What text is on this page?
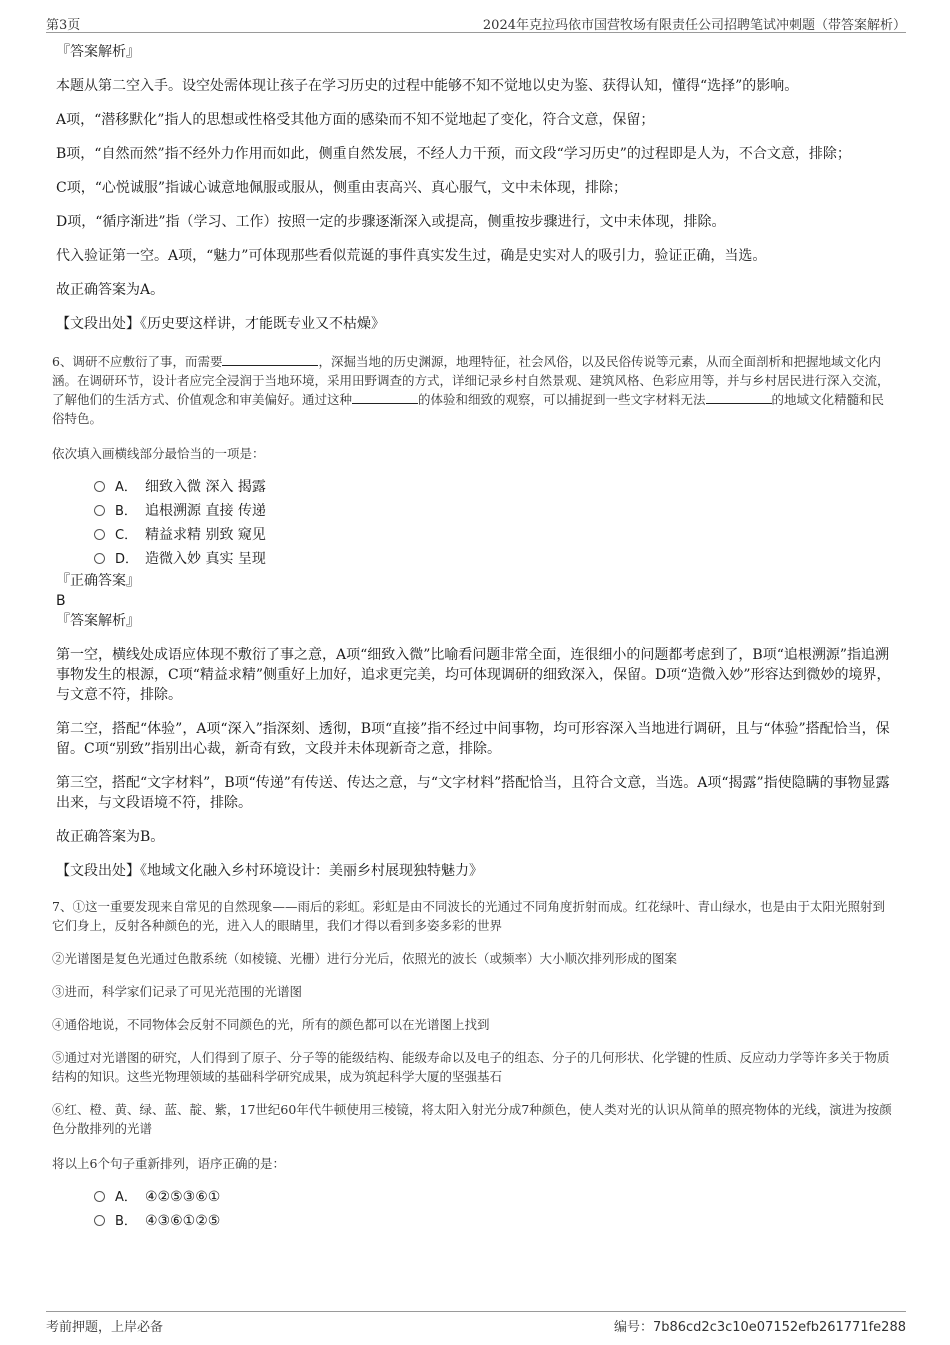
第3页	2024年克拉玛依市国营牧场有限责任公司招聘笔试冲刺题（带答案解析）
『答案解析』
本题从第二空入手。设空处需体现让孩子在学习历史的过程中能够不知不觉地以史为鉴、获得认知，懂得“选择”的影响。
A项，“潜移默化”指人的思想或性格受其他方面的感染而不知不觉地起了变化，符合文意，保留；
B项，“自然而然”指不经外力作用而如此，侧重自然发展，不经人力干预，而文段“学习历史”的过程即是人为，不合文意，排除；
C项，“心悦诚服”指诚心诚意地佩服或服从，侧重由衷高兴、真心服气，文中未体现，排除；
D项，“循序渐进”指（学习、工作）按照一定的步骤逐渐深入或提高，侧重按步骤进行，文中未体现，排除。
代入验证第一空。A项，“魅力”可体现那些看似荒诞的事件真实发生过，确是史实对人的吸引力，验证正确，当选。
故正确答案为A。
【文段出处】《历史要这样讲，才能既专业又不枯燥》
6、调研不应敷衍了事，而需要	，深掘当地的历史渊源，地理特征，社会风俗，以及民俗传说等元素，从而全面剖析和把握地域文化内涵。在调研环节，设计者应完全浸润于当地环境，采用田野调查的方式，详细记录乡村自然景观、建筑风格、色彩应用等，并与乡村居民进行深入交流，了解他们的生活方式、价值观念和审美偏好。通过这种	的体验和细致的观察，可以捕捉到一些文字材料无法	的地域文化精髓和民俗特色。
依次填入画横线部分最恰当的一项是：
A． 细致入微 深入 揭露
B． 追根溯源 直接 传递
C． 精益求精 别致 窥见
D． 造微入妙 真实 呈现
『正确答案』
B
『答案解析』
第一空，横线处成语应体现不敷衍了事之意，A项“细致入微”比喻看问题非常全面，连很细小的问题都考虑到了，B项“追根溯源”指追溯事物发生的根源，C项“精益求精”侧重好上加好，追求更完美，均可体现调研的细致深入，保留。D项“造微入妙”形容达到微妙的境界，与文意不符，排除。
第二空，搭配“体验”，A项“深入”指深刻、透彻，B项“直接”指不经过中间事物，均可形容深入当地进行调研，且与“体验”搭配恰当，保留。C项“别致”指别出心裁，新奇有致，文段并未体现新奇之意，排除。
第三空，搭配“文字材料”，B项“传递”有传送、传达之意，与“文字材料”搭配恰当，且符合文意，当选。A项“揭露”指使隐瞒的事物显露出来，与文段语境不符，排除。
故正确答案为B。
【文段出处】《地域文化融入乡村环境设计：美丽乡村展现独特魅力》
7、①这一重要发现来自常见的自然现象——雨后的彩虹。彩虹是由不同波长的光通过不同角度折射而成。红花绿叶、青山绿水，也是由于太阳光照射到它们身上，反射各种颜色的光，进入人的眼睛里，我们才得以看到多姿多彩的世界
②光谱图是复色光通过色散系统（如棱镜、光栅）进行分光后，依照光的波长（或频率）大小顺次排列形成的图案
③进而，科学家们记录了可见光范围的光谱图
④通俗地说，不同物体会反射不同颜色的光，所有的颜色都可以在光谱图上找到
⑤通过对光谱图的研究，人们得到了原子、分子等的能级结构、能级寿命以及电子的组态、分子的几何形状、化学键的性质、反应动力学等许多关于物质结构的知识。这些光物理领域的基础科学研究成果，成为筑起科学大厦的坚强基石
⑥红、橙、黄、绿、蓝、靛、紫，17世纪60年代牛顿使用三棱镜，将太阳入射光分成7种颜色，使人类对光的认识从简单的照亮物体的光线，演进为按颜色分散排列的光谱
将以上6个句子重新排列，语序正确的是：
A． ④②⑤③⑥①
B． ④③⑥①②⑤
考前押题，上岸必备	编号：7b86cd2c3c10e07152efb261771fe288
